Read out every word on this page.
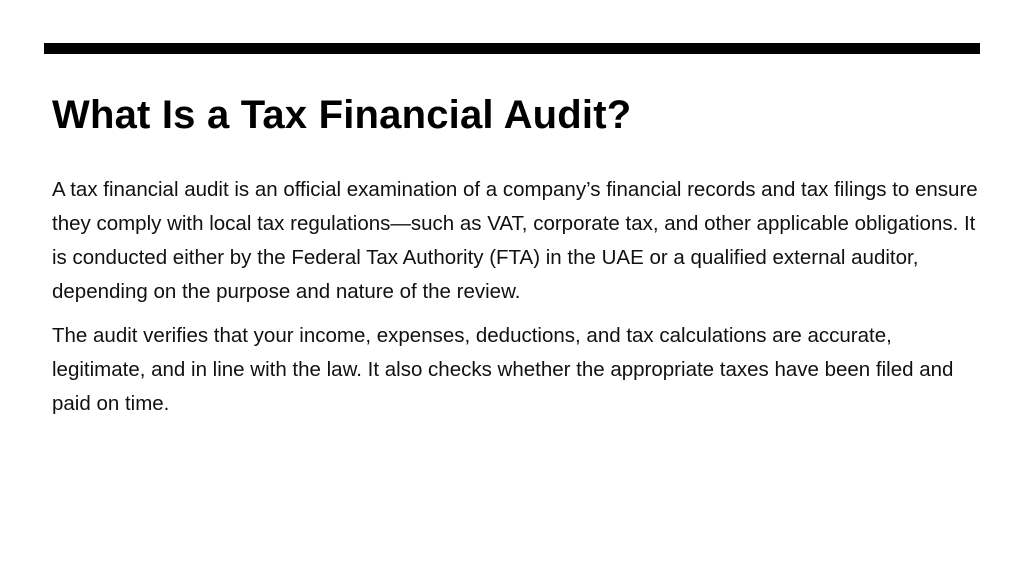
What Is a Tax Financial Audit?

A tax financial audit is an official examination of a company’s financial records and tax filings to ensure they comply with local tax regulations—such as VAT, corporate tax, and other applicable obligations. It is conducted either by the Federal Tax Authority (FTA) in the UAE or a qualified external auditor, depending on the purpose and nature of the review.

The audit verifies that your income, expenses, deductions, and tax calculations are accurate, legitimate, and in line with the law. It also checks whether the appropriate taxes have been filed and paid on time.
